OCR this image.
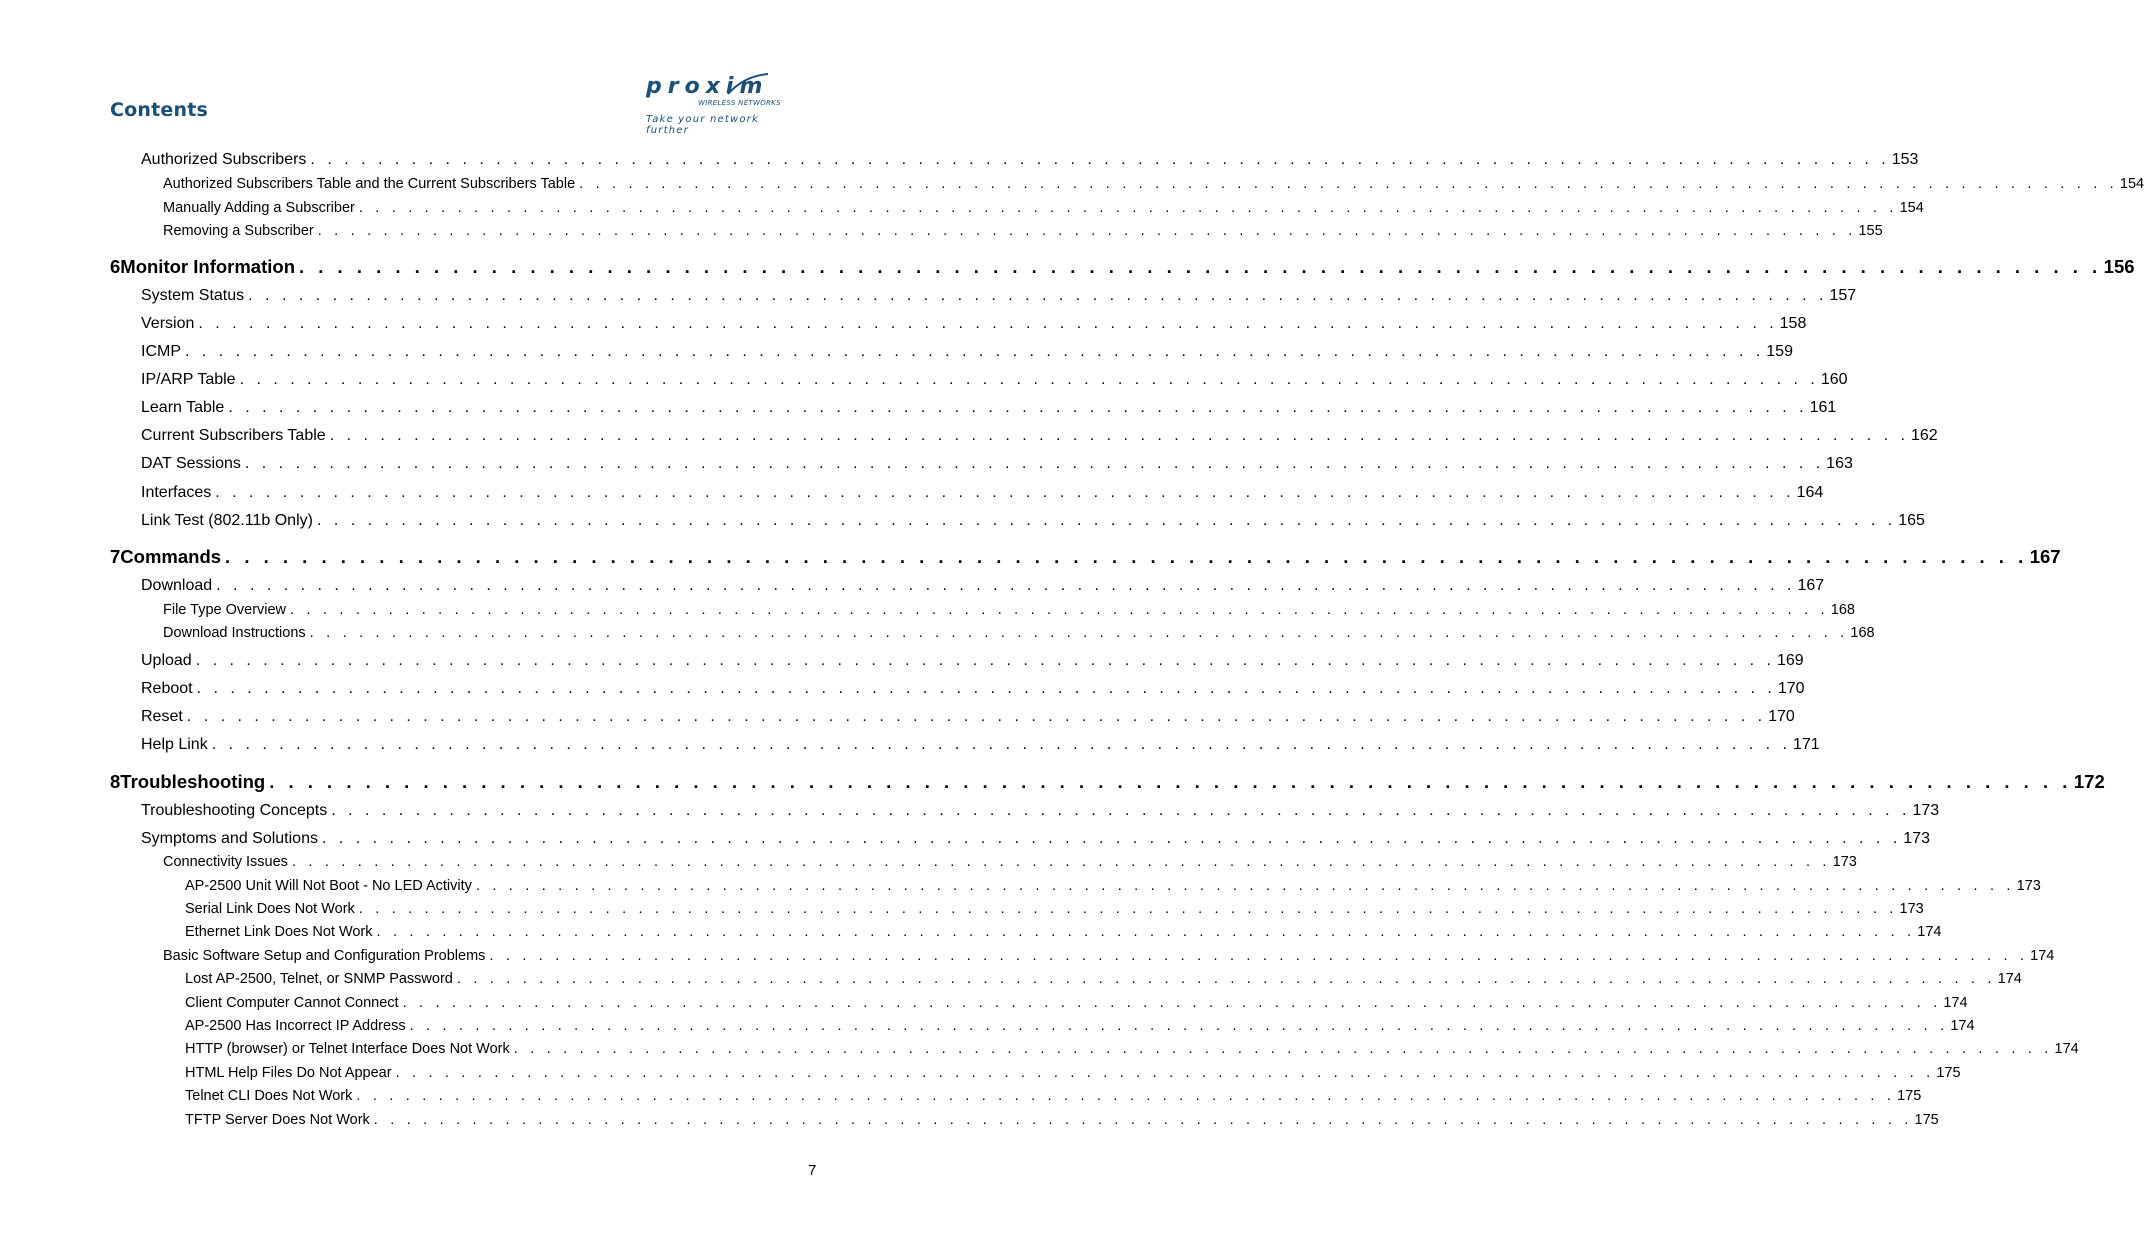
Contents
proxim
WIRELESS NETWORKS
Take your network further
Authorized Subscribers . . . . . . . . . . . . . . . . . . . . . . . . . . . . . . . . . . . . . . . . . . . . . . . . . . . . . . . . . . . . . . . . . . . . . . . . . . . . . . . . . . . . . . . . . . . . . . 153
Authorized Subscribers Table and the Current Subscribers Table . . . . . . . . . . . . . . . . . . . . . . . . . . . . . . . . . . . . . . . . . . . . . . . . . . . . . . . . . . . . . . . . . . . . . . . . . . . . . . . . . . . . . . . . . . . . . . 154
Manually Adding a Subscriber . . . . . . . . . . . . . . . . . . . . . . . . . . . . . . . . . . . . . . . . . . . . . . . . . . . . . . . . . . . . . . . . . . . . . . . . . . . . . . . . . . . . . . . . . . . . . . 154
Removing a Subscriber . . . . . . . . . . . . . . . . . . . . . . . . . . . . . . . . . . . . . . . . . . . . . . . . . . . . . . . . . . . . . . . . . . . . . . . . . . . . . . . . . . . . . . . . . . . . . . 155
6 Monitor Information . . . . . . . . . . . . . . . . . . . . . . . . . . . . . . . . . . . . . . . . . . . . . . . . . . . . . . . . . . . . . . . . . . . . . . . . . . . . . . . . . . . . . . . . . . . . . . 156
System Status . . . . . . . . . . . . . . . . . . . . . . . . . . . . . . . . . . . . . . . . . . . . . . . . . . . . . . . . . . . . . . . . . . . . . . . . . . . . . . . . . . . . . . . . . . . . . . 157
Version . . . . . . . . . . . . . . . . . . . . . . . . . . . . . . . . . . . . . . . . . . . . . . . . . . . . . . . . . . . . . . . . . . . . . . . . . . . . . . . . . . . . . . . . . . . . . . 158
ICMP . . . . . . . . . . . . . . . . . . . . . . . . . . . . . . . . . . . . . . . . . . . . . . . . . . . . . . . . . . . . . . . . . . . . . . . . . . . . . . . . . . . . . . . . . . . . . . 159
IP/ARP Table . . . . . . . . . . . . . . . . . . . . . . . . . . . . . . . . . . . . . . . . . . . . . . . . . . . . . . . . . . . . . . . . . . . . . . . . . . . . . . . . . . . . . . . . . . . . . . 160
Learn Table . . . . . . . . . . . . . . . . . . . . . . . . . . . . . . . . . . . . . . . . . . . . . . . . . . . . . . . . . . . . . . . . . . . . . . . . . . . . . . . . . . . . . . . . . . . . . . 161
Current Subscribers Table . . . . . . . . . . . . . . . . . . . . . . . . . . . . . . . . . . . . . . . . . . . . . . . . . . . . . . . . . . . . . . . . . . . . . . . . . . . . . . . . . . . . . . . . . . . . . . 162
DAT Sessions . . . . . . . . . . . . . . . . . . . . . . . . . . . . . . . . . . . . . . . . . . . . . . . . . . . . . . . . . . . . . . . . . . . . . . . . . . . . . . . . . . . . . . . . . . . . . . 163
Interfaces . . . . . . . . . . . . . . . . . . . . . . . . . . . . . . . . . . . . . . . . . . . . . . . . . . . . . . . . . . . . . . . . . . . . . . . . . . . . . . . . . . . . . . . . . . . . . . 164
Link Test (802.11b Only) . . . . . . . . . . . . . . . . . . . . . . . . . . . . . . . . . . . . . . . . . . . . . . . . . . . . . . . . . . . . . . . . . . . . . . . . . . . . . . . . . . . . . . . . . . . . . . 165
7 Commands . . . . . . . . . . . . . . . . . . . . . . . . . . . . . . . . . . . . . . . . . . . . . . . . . . . . . . . . . . . . . . . . . . . . . . . . . . . . . . . . . . . . . . . . . . . . . . 167
Download . . . . . . . . . . . . . . . . . . . . . . . . . . . . . . . . . . . . . . . . . . . . . . . . . . . . . . . . . . . . . . . . . . . . . . . . . . . . . . . . . . . . . . . . . . . . . . 167
File Type Overview . . . . . . . . . . . . . . . . . . . . . . . . . . . . . . . . . . . . . . . . . . . . . . . . . . . . . . . . . . . . . . . . . . . . . . . . . . . . . . . . . . . . . . . . . . . . . . 168
Download Instructions . . . . . . . . . . . . . . . . . . . . . . . . . . . . . . . . . . . . . . . . . . . . . . . . . . . . . . . . . . . . . . . . . . . . . . . . . . . . . . . . . . . . . . . . . . . . . . 168
Upload . . . . . . . . . . . . . . . . . . . . . . . . . . . . . . . . . . . . . . . . . . . . . . . . . . . . . . . . . . . . . . . . . . . . . . . . . . . . . . . . . . . . . . . . . . . . . . 169
Reboot . . . . . . . . . . . . . . . . . . . . . . . . . . . . . . . . . . . . . . . . . . . . . . . . . . . . . . . . . . . . . . . . . . . . . . . . . . . . . . . . . . . . . . . . . . . . . . 170
Reset . . . . . . . . . . . . . . . . . . . . . . . . . . . . . . . . . . . . . . . . . . . . . . . . . . . . . . . . . . . . . . . . . . . . . . . . . . . . . . . . . . . . . . . . . . . . . . 170
Help Link . . . . . . . . . . . . . . . . . . . . . . . . . . . . . . . . . . . . . . . . . . . . . . . . . . . . . . . . . . . . . . . . . . . . . . . . . . . . . . . . . . . . . . . . . . . . . . 171
8 Troubleshooting . . . . . . . . . . . . . . . . . . . . . . . . . . . . . . . . . . . . . . . . . . . . . . . . . . . . . . . . . . . . . . . . . . . . . . . . . . . . . . . . . . . . . . . . . . . . . . 172
Troubleshooting Concepts . . . . . . . . . . . . . . . . . . . . . . . . . . . . . . . . . . . . . . . . . . . . . . . . . . . . . . . . . . . . . . . . . . . . . . . . . . . . . . . . . . . . . . . . . . . . . . 173
Symptoms and Solutions . . . . . . . . . . . . . . . . . . . . . . . . . . . . . . . . . . . . . . . . . . . . . . . . . . . . . . . . . . . . . . . . . . . . . . . . . . . . . . . . . . . . . . . . . . . . . . 173
Connectivity Issues . . . . . . . . . . . . . . . . . . . . . . . . . . . . . . . . . . . . . . . . . . . . . . . . . . . . . . . . . . . . . . . . . . . . . . . . . . . . . . . . . . . . . . . . . . . . . . 173
AP-2500 Unit Will Not Boot - No LED Activity . . . . . . . . . . . . . . . . . . . . . . . . . . . . . . . . . . . . . . . . . . . . . . . . . . . . . . . . . . . . . . . . . . . . . . . . . . . . . . . . . . . . . . . . . . . . . . 173
Serial Link Does Not Work . . . . . . . . . . . . . . . . . . . . . . . . . . . . . . . . . . . . . . . . . . . . . . . . . . . . . . . . . . . . . . . . . . . . . . . . . . . . . . . . . . . . . . . . . . . . . . 173
Ethernet Link Does Not Work . . . . . . . . . . . . . . . . . . . . . . . . . . . . . . . . . . . . . . . . . . . . . . . . . . . . . . . . . . . . . . . . . . . . . . . . . . . . . . . . . . . . . . . . . . . . . . 174
Basic Software Setup and Configuration Problems . . . . . . . . . . . . . . . . . . . . . . . . . . . . . . . . . . . . . . . . . . . . . . . . . . . . . . . . . . . . . . . . . . . . . . . . . . . . . . . . . . . . . . . . . . . . . . 174
Lost AP-2500, Telnet, or SNMP Password . . . . . . . . . . . . . . . . . . . . . . . . . . . . . . . . . . . . . . . . . . . . . . . . . . . . . . . . . . . . . . . . . . . . . . . . . . . . . . . . . . . . . . . . . . . . . . 174
Client Computer Cannot Connect . . . . . . . . . . . . . . . . . . . . . . . . . . . . . . . . . . . . . . . . . . . . . . . . . . . . . . . . . . . . . . . . . . . . . . . . . . . . . . . . . . . . . . . . . . . . . . 174
AP-2500 Has Incorrect IP Address . . . . . . . . . . . . . . . . . . . . . . . . . . . . . . . . . . . . . . . . . . . . . . . . . . . . . . . . . . . . . . . . . . . . . . . . . . . . . . . . . . . . . . . . . . . . . . 174
HTTP (browser) or Telnet Interface Does Not Work . . . . . . . . . . . . . . . . . . . . . . . . . . . . . . . . . . . . . . . . . . . . . . . . . . . . . . . . . . . . . . . . . . . . . . . . . . . . . . . . . . . . . . . . . . . . . . 174
HTML Help Files Do Not Appear . . . . . . . . . . . . . . . . . . . . . . . . . . . . . . . . . . . . . . . . . . . . . . . . . . . . . . . . . . . . . . . . . . . . . . . . . . . . . . . . . . . . . . . . . . . . . . 175
Telnet CLI Does Not Work . . . . . . . . . . . . . . . . . . . . . . . . . . . . . . . . . . . . . . . . . . . . . . . . . . . . . . . . . . . . . . . . . . . . . . . . . . . . . . . . . . . . . . . . . . . . . . 175
TFTP Server Does Not Work . . . . . . . . . . . . . . . . . . . . . . . . . . . . . . . . . . . . . . . . . . . . . . . . . . . . . . . . . . . . . . . . . . . . . . . . . . . . . . . . . . . . . . . . . . . . . . 175
7
